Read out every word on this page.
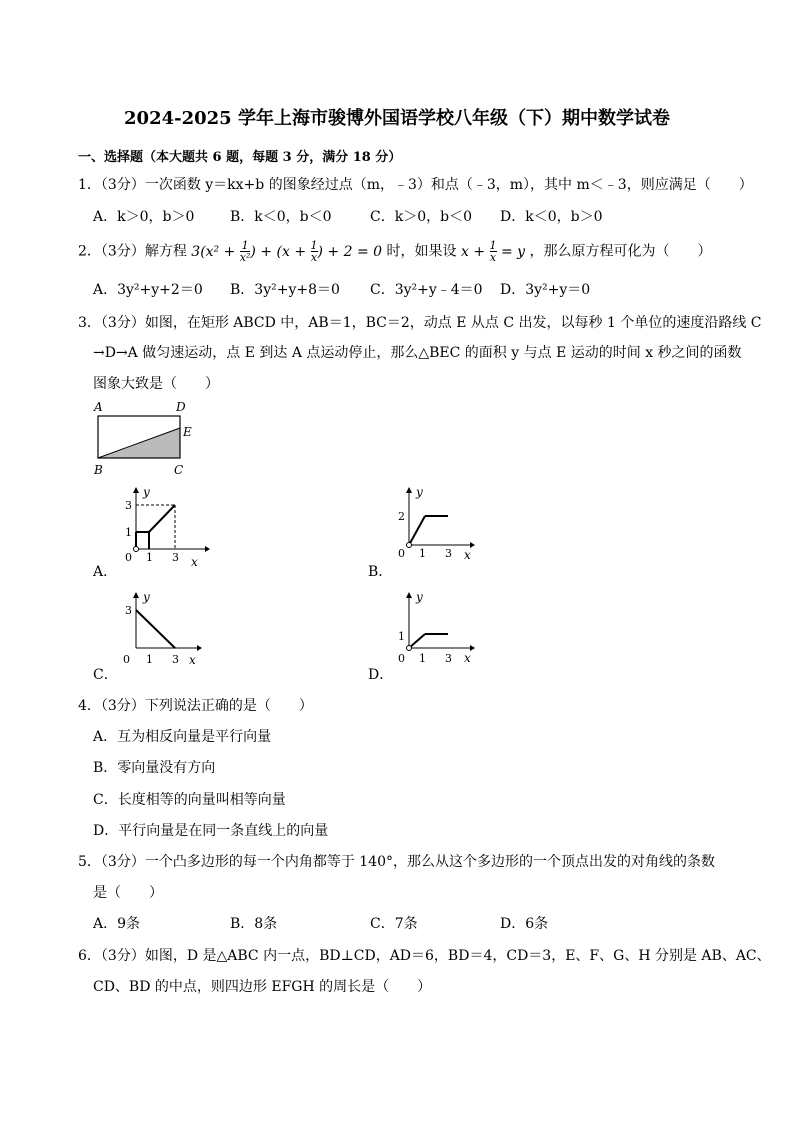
2024-2025 学年上海市骏博外国语学校八年级（下）期中数学试卷
一、选择题（本大题共 6 题，每题 3 分，满分 18 分）
1．（3分）一次函数 y＝kx+b 的图象经过点（m，﹣3）和点（﹣3，m），其中 m＜﹣3，则应满足（　　）
A．k＞0，b＞0	B．k＜0，b＜0	C．k＞0，b＜0 D．k＜0，b＞0
2．（3分）解方程 $3(x^2 + \frac{1}{\text{x²}}$ ) + ($x + \frac{1}{x}$ ) + 2 = 0 时，如果设 $x + \frac{1}{x} = y$ ，那么原方程可化为（　　）
A．3y²+y+2＝0 B．3y²+y+8＝0 C．3y²+y﹣4＝0 D．3y²+y＝0
3．（3分）如图，在矩形 ABCD 中，AB＝1，BC＝2，动点 E 从点 C 出发，以每秒 1 个单位的速度沿路线 C
→D→A 做匀速运动，点 E 到达 A 点运动停止，那么△BEC 的面积 y 与点 E 运动的时间 x 秒之间的函数
图象大致是（　　）
A	D
E
B	C
A．
y
x
0 1 3
3
1
B．
y
x
0 1 3
2
C．
y
x
0 1 3
3
D．
y
x
0 1 3
1
4．（3分）下列说法正确的是（　　）
A．互为相反向量是平行向量
B．零向量没有方向
C．长度相等的向量叫相等向量
D．平行向量是在同一条直线上的向量
5．（3分）一个凸多边形的每一个内角都等于 140°，那么从这个多边形的一个顶点出发的对角线的条数
是（　　）
A．9条	B．8条	C．7条	D．6条
6．（3分）如图，D 是△ABC 内一点，BD⊥CD，AD＝6，BD＝4，CD＝3，E、F、G、H 分别是 AB、AC、
CD、BD 的中点，则四边形 EFGH 的周长是（　　）
